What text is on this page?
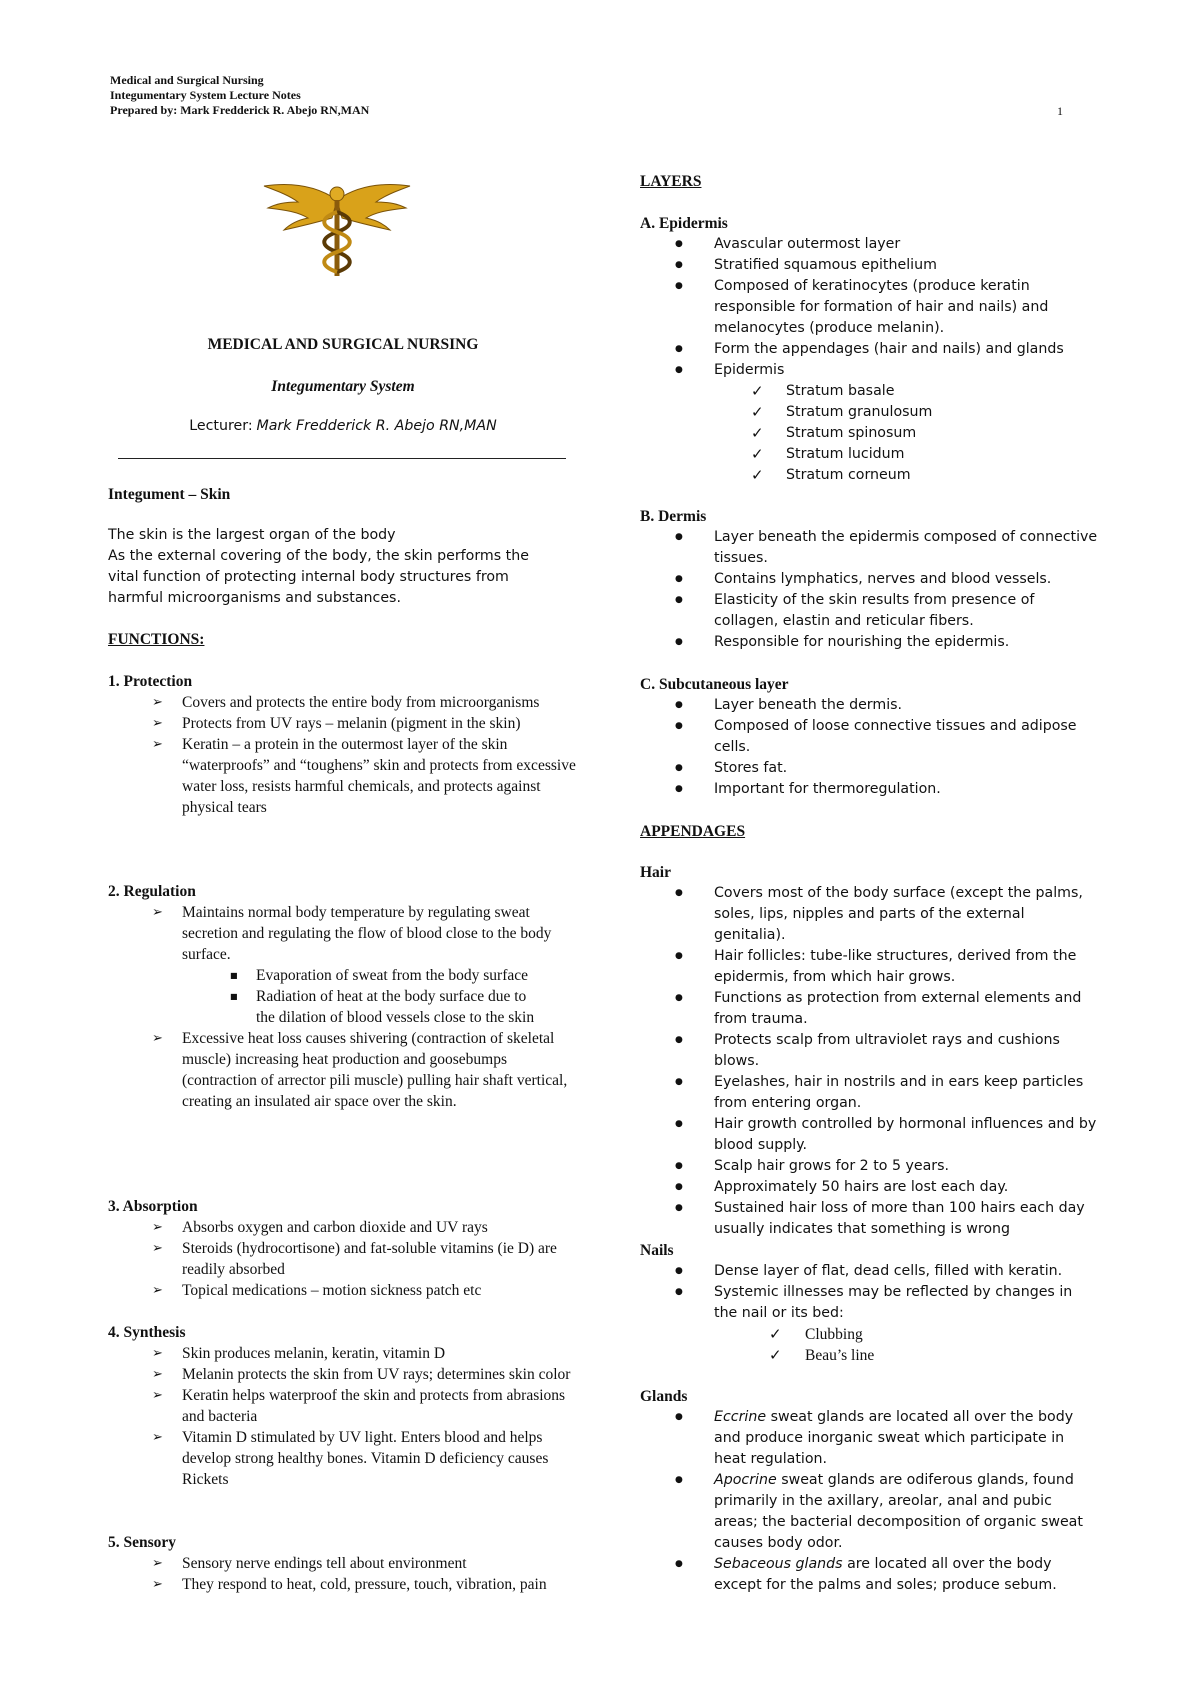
Medical and Surgical Nursing
Integumentary System Lecture Notes
Prepared by: Mark Fredderick R. Abejo RN,MAN	1
MEDICAL AND SURGICAL NURSING
Integumentary System
Lecturer: Mark Fredderick R. Abejo RN,MAN
Integument – Skin
The skin is the largest organ of the body
As the external covering of the body, the skin performs the vital function of protecting internal body structures from harmful microorganisms and substances.
FUNCTIONS:
1. Protection
➢ Covers and protects the entire body from microorganisms
➢ Protects from UV rays – melanin (pigment in the skin)
➢ Keratin – a protein in the outermost layer of the skin “waterproofs” and “toughens” skin and protects from excessive water loss, resists harmful chemicals, and protects against physical tears
2. Regulation
➢ Maintains normal body temperature by regulating sweat secretion and regulating the flow of blood close to the body surface.
■ Evaporation of sweat from the body surface
■ Radiation of heat at the body surface due to the dilation of blood vessels close to the skin
➢ Excessive heat loss causes shivering (contraction of skeletal muscle) increasing heat production and goosebumps (contraction of arrector pili muscle) pulling hair shaft vertical, creating an insulated air space over the skin.
3. Absorption
➢ Absorbs oxygen and carbon dioxide and UV rays
➢ Steroids (hydrocortisone) and fat-soluble vitamins (ie D) are readily absorbed
➢ Topical medications – motion sickness patch etc
4. Synthesis
➢ Skin produces melanin, keratin, vitamin D
➢ Melanin protects the skin from UV rays; determines skin color
➢ Keratin helps waterproof the skin and protects from abrasions and bacteria
➢ Vitamin D stimulated by UV light. Enters blood and helps develop strong healthy bones. Vitamin D deficiency causes Rickets
5. Sensory
➢ Sensory nerve endings tell about environment
➢ They respond to heat, cold, pressure, touch, vibration, pain
LAYERS
A. Epidermis
● Avascular outermost layer
● Stratified squamous epithelium
● Composed of keratinocytes (produce keratin responsible for formation of hair and nails) and melanocytes (produce melanin).
● Form the appendages (hair and nails) and glands
● Epidermis
✓ Stratum basale
✓ Stratum granulosum
✓ Stratum spinosum
✓ Stratum lucidum
✓ Stratum corneum
B. Dermis
● Layer beneath the epidermis composed of connective tissues.
● Contains lymphatics, nerves and blood vessels.
● Elasticity of the skin results from presence of collagen, elastin and reticular fibers.
● Responsible for nourishing the epidermis.
C. Subcutaneous layer
● Layer beneath the dermis.
● Composed of loose connective tissues and adipose cells.
● Stores fat.
● Important for thermoregulation.
APPENDAGES
Hair
● Covers most of the body surface (except the palms, soles, lips, nipples and parts of the external genitalia).
● Hair follicles: tube-like structures, derived from the epidermis, from which hair grows.
● Functions as protection from external elements and from trauma.
● Protects scalp from ultraviolet rays and cushions blows.
● Eyelashes, hair in nostrils and in ears keep particles from entering organ.
● Hair growth controlled by hormonal influences and by blood supply.
● Scalp hair grows for 2 to 5 years.
● Approximately 50 hairs are lost each day.
● Sustained hair loss of more than 100 hairs each day usually indicates that something is wrong
Nails
● Dense layer of flat, dead cells, filled with keratin.
● Systemic illnesses may be reflected by changes in the nail or its bed:
✓ Clubbing
✓ Beau’s line
Glands
● Eccrine sweat glands are located all over the body and produce inorganic sweat which participate in heat regulation.
● Apocrine sweat glands are odiferous glands, found primarily in the axillary, areolar, anal and pubic areas; the bacterial decomposition of organic sweat causes body odor.
● Sebaceous glands are located all over the body except for the palms and soles; produce sebum.
